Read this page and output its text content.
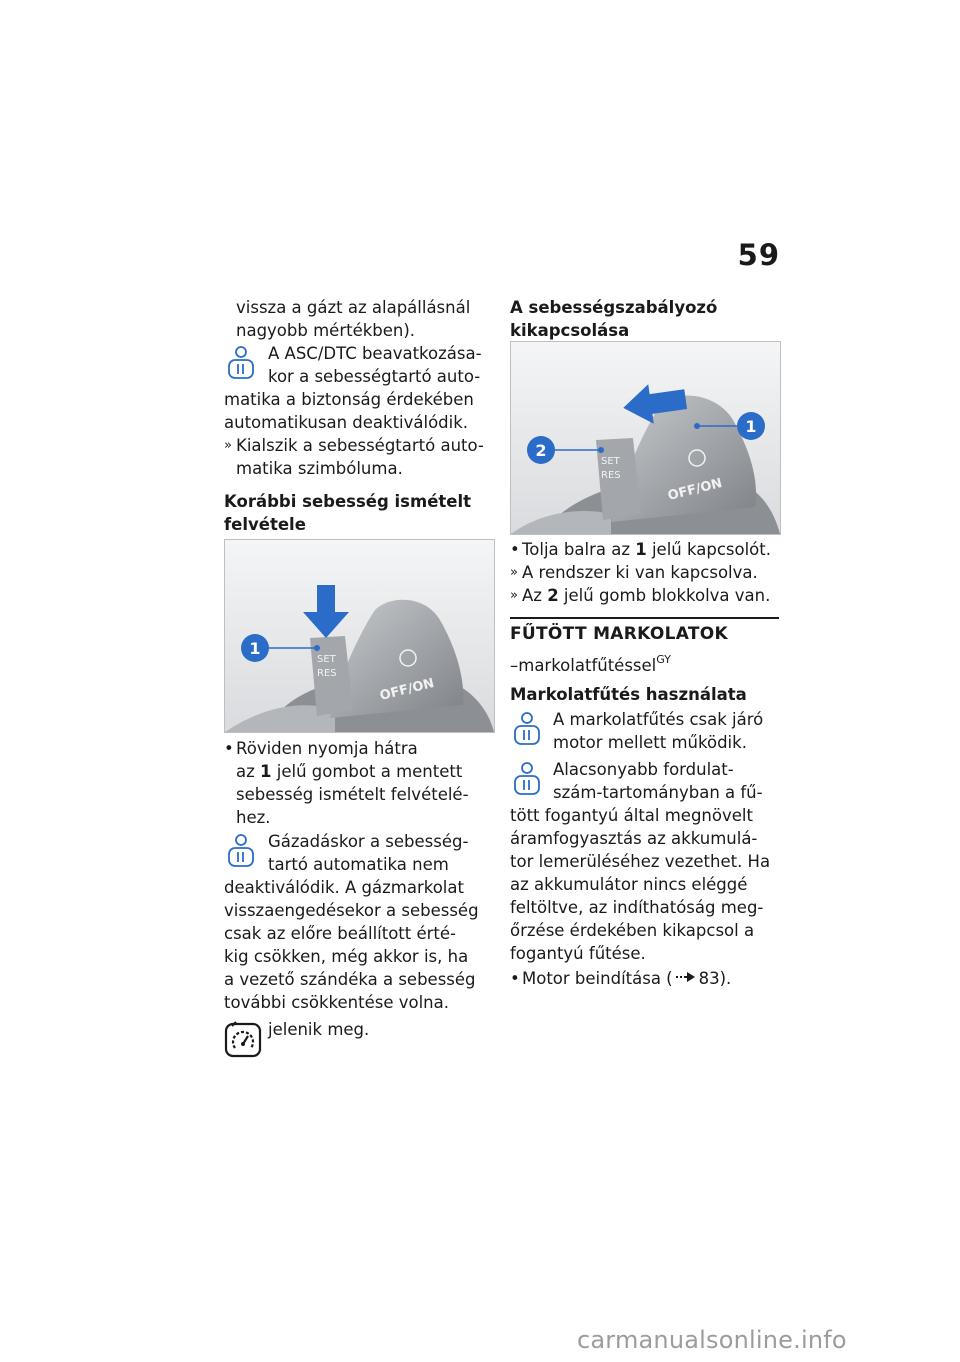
59
vissza a gázt az alapállásnál
nagyobb mértékben).
A ASC/DTC beavatkozása-
kor a sebességtartó auto-
matika a biztonság érdekében
automatikusan deaktiválódik.
» Kialszik a sebességtartó auto-
matika szimbóluma.
Korábbi sebesség ismételt
felvétele
SET
RES
OFF/ON
1
• Röviden nyomja hátra
az 1 jelű gombot a mentett
sebesség ismételt felvételé-
hez.
Gázadáskor a sebesség-
tartó automatika nem
deaktiválódik. A gázmarkolat
visszaengedésekor a sebesség
csak az előre beállított érté-
kig csökken, még akkor is, ha
a vezető szándéka a sebesség
további csökkentése volna.
jelenik meg.
A sebességszabályozó
kikapcsolása
SET
RES
OFF/ON
1
2
• Tolja balra az 1 jelű kapcsolót.
» A rendszer ki van kapcsolva.
» Az 2 jelű gomb blokkolva van.
FŰTÖTT MARKOLATOK
–markolatfűtéssel$^{GY}$
Markolatfűtés használata
A markolatfűtés csak járó
motor mellett működik.
Alacsonyabb fordulat-
szám-tartományban a fű-
tött fogantyú által megnövelt
áramfogyasztás az akkumulá-
tor lemerüléséhez vezethet. Ha
az akkumulátor nincs eléggé
feltöltve, az indíthatóság meg-
őrzése érdekében kikapcsol a
fogantyú fűtése.
• Motor beindítása ( 83).
carmanualsonline.info
